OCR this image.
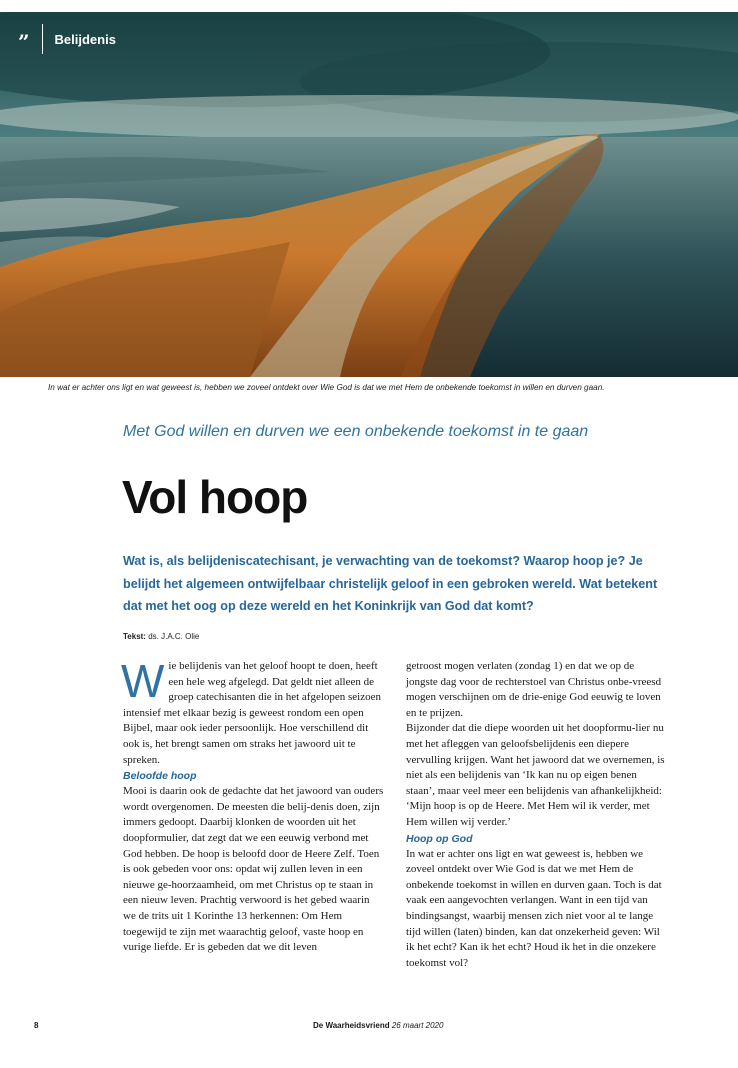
” Belijdenis
In wat er achter ons ligt en wat geweest is, hebben we zoveel ontdekt over Wie God is dat we met Hem de onbekende toekomst in willen en durven gaan.
Met God willen en durven we een onbekende toekomst in te gaan
Vol hoop
Wat is, als belijdeniscatechisant, je verwachting van de toekomst? Waarop hoop je? Je belijdt het algemeen ontwijfelbaar christelijk geloof in een gebroken wereld. Wat betekent dat met het oog op deze wereld en het Koninkrijk van God dat komt?
Tekst: ds. J.A.C. Olie
W ie belijdenis van het geloof hoopt te doen, heeft een hele weg afgelegd. Dat geldt niet alleen de groep catechisanten die in het afgelopen seizoen intensief met elkaar bezig is geweest rondom een open Bijbel, maar ook ieder persoonlijk. Hoe verschillend dit ook is, het brengt samen om straks het jawoord uit te spreken.

Beloofde hoop

Mooi is daarin ook de gedachte dat het jawoord van ouders wordt overgenomen. De meesten die belij-denis doen, zijn immers gedoopt. Daarbij klonken de woorden uit het doopformulier, dat zegt dat we een eeuwig verbond met God hebben. De hoop is beloofd door de Heere Zelf. Toen is ook gebeden voor ons: opdat wij zullen leven in een nieuwe ge-hoorzaamheid, om met Christus op te staan in een nieuw leven. Prachtig verwoord is het gebed waarin we de trits uit 1 Korinthe 13 herkennen: Om Hem toegewijd te zijn met waarachtig geloof, vaste hoop en vurige liefde. Er is gebeden dat we dit leven

getroost mogen verlaten (zondag 1) en dat we op de jongste dag voor de rechterstoel van Christus onbe-vreesd mogen verschijnen om de drie-enige God eeuwig te loven en te prijzen.

Bijzonder dat die diepe woorden uit het doopformu-lier nu met het afleggen van geloofsbelijdenis een diepere vervulling krijgen. Want het jawoord dat we overnemen, is niet als een belijdenis van ‘Ik kan nu op eigen benen staan’, maar veel meer een belijdenis van afhankelijkheid: ‘Mijn hoop is op de Heere. Met Hem wil ik verder, met Hem willen wij verder.’

Hoop op God

In wat er achter ons ligt en wat geweest is, hebben we zoveel ontdekt over Wie God is dat we met Hem de onbekende toekomst in willen en durven gaan. Toch is dat vaak een aangevochten verlangen. Want in een tijd van bindingsangst, waarbij mensen zich niet voor al te lange tijd willen (laten) binden, kan dat onzekerheid geven: Wil ik het echt? Kan ik het echt? Houd ik het in die onzekere toekomst vol?

8	De Waarheidsvriend 26 maart 2020
